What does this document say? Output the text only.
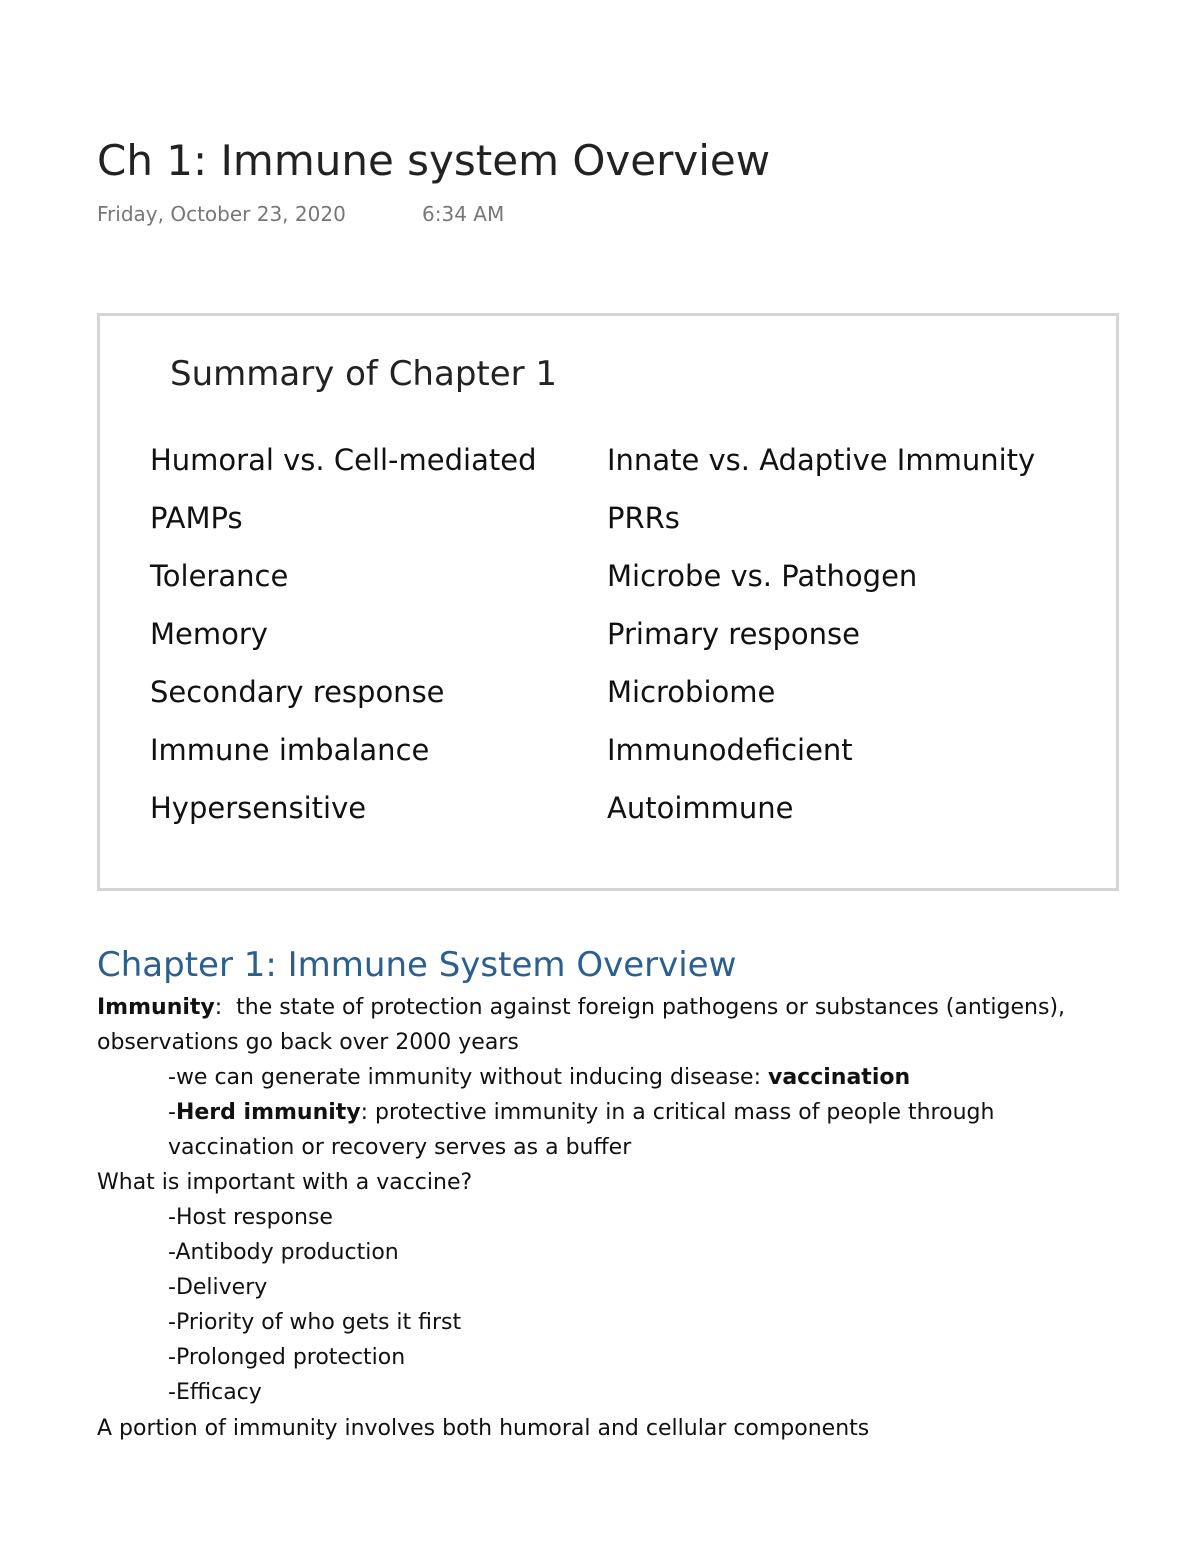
Ch 1: Immune system Overview
Friday, October 23, 2020	6:34 AM
Summary of Chapter 1
Humoral vs. Cell-mediated
PAMPs
Tolerance
Memory
Secondary response
Immune imbalance
Hypersensitive
Innate vs. Adaptive Immunity
PRRs
Microbe vs. Pathogen
Primary response
Microbiome
Immunodeficient
Autoimmune
Chapter 1: Immune System Overview
Immunity:  the state of protection against foreign pathogens or substances (antigens),
observations go back over 2000 years
-we can generate immunity without inducing disease: vaccination
-Herd immunity: protective immunity in a critical mass of people through
vaccination or recovery serves as a buffer
What is important with a vaccine?
-Host response
-Antibody production
-Delivery
-Priority of who gets it first
-Prolonged protection
-Efficacy
A portion of immunity involves both humoral and cellular components
